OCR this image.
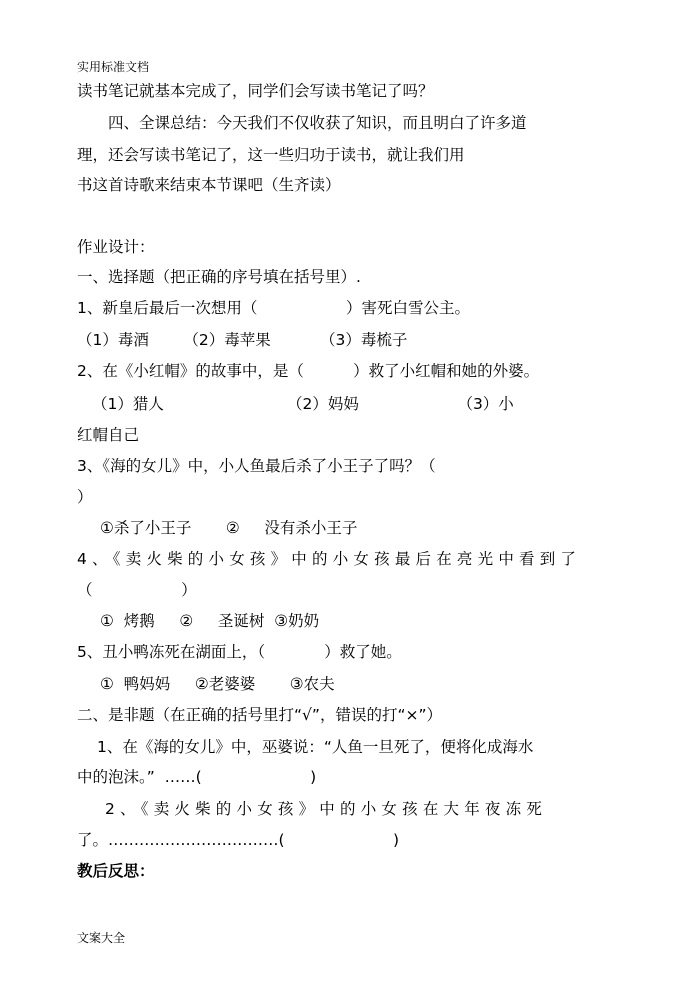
实用标准文档
读书笔记就基本完成了，同学们会写读书笔记了吗？
四、全课总结：今天我们不仅收获了知识，而且明白了许多道
理，还会写读书笔记了，这一些归功于读书，就让我们用
书这首诗歌来结束本节课吧（生齐读）
作业设计：
一、选择题（把正确的序号填在括号里）.
1、新皇后最后一次想用（                  ）害死白雪公主。
（1）毒酒       （2）毒苹果          （3）毒梳子
2、在《小红帽》的故事中，是（          ）救了小红帽和她的外婆。
（1）猎人                         （2）妈妈                    （3）小
红帽自己
3、《海的女儿》中，小人鱼最后杀了小王子了吗？（
）
①杀了小王子       ②     没有杀小王子
4、《卖火柴的小女孩》中的小女孩最后在亮光中看到了
（                  ）
①  烤鹅     ②     圣诞树  ③奶奶
5、丑小鸭冻死在湖面上，（            ）救了她。
①  鸭妈妈     ②老婆婆       ③农夫
二、是非题（在正确的括号里打“√”，错误的打“×”）
1、在《海的女儿》中，巫婆说：“人鱼一旦死了，便将化成海水
中的泡沫。”  ……(                      )
2、《卖火柴的小女孩》中的小女孩在大年夜冻死
了。……………………………(                      )
教后反思：
文案大全
